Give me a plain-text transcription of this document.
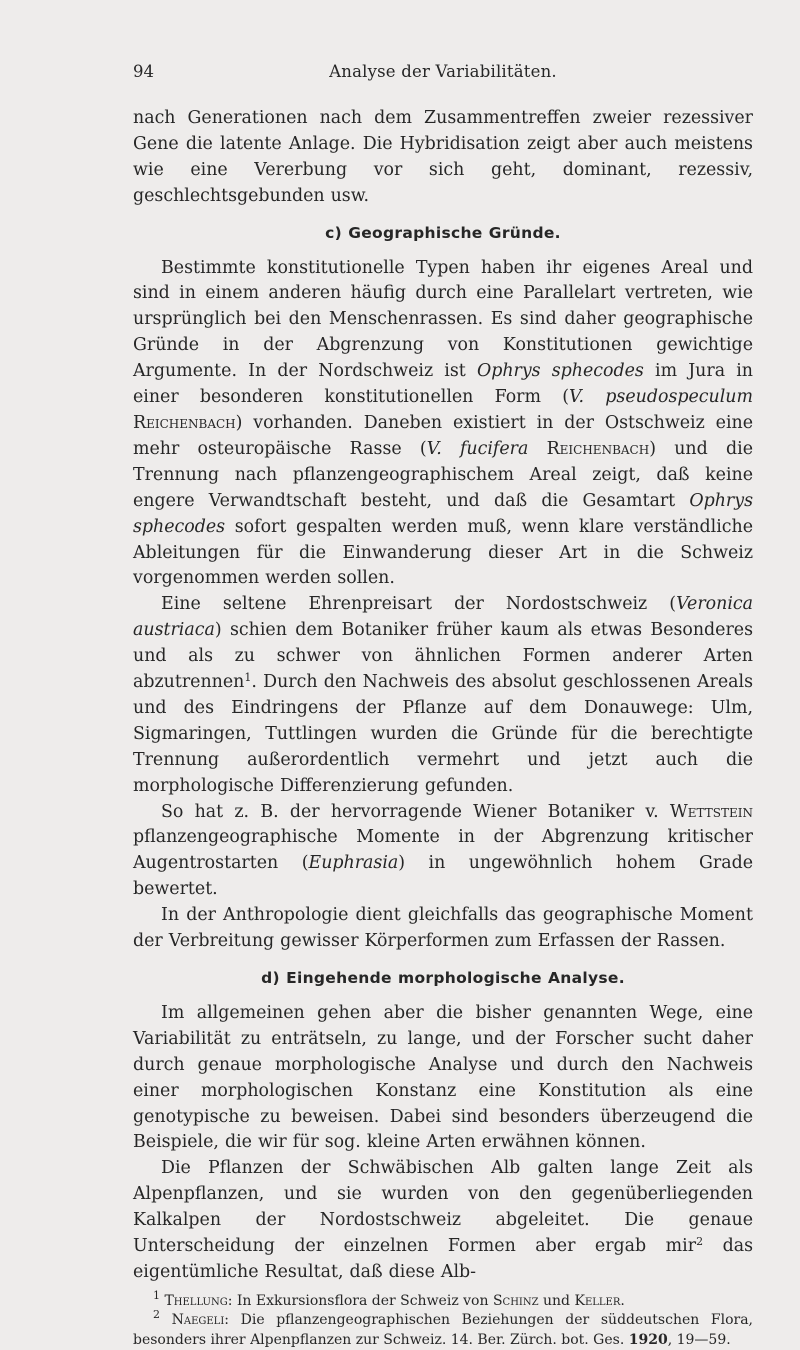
94	Analyse der Variabilitäten.

nach Generationen nach dem Zusammentreffen zweier rezessiver Gene die latente Anlage. Die Hybridisation zeigt aber auch meistens wie eine Vererbung vor sich geht, dominant, rezessiv, geschlechtsgebunden usw.

c) Geographische Gründe.

Bestimmte konstitutionelle Typen haben ihr eigenes Areal und sind in einem anderen häufig durch eine Parallelart vertreten, wie ursprünglich bei den Menschenrassen. Es sind daher geographische Gründe in der Abgrenzung von Konstitutionen gewichtige Argumente. In der Nordschweiz ist Ophrys sphecodes im Jura in einer besonderen konstitutionellen Form (V. pseudospeculum Reichenbach) vorhanden. Daneben existiert in der Ostschweiz eine mehr osteuropäische Rasse (V. fucifera Reichenbach) und die Trennung nach pflanzengeographischem Areal zeigt, daß keine engere Verwandtschaft besteht, und daß die Gesamtart Ophrys sphecodes sofort gespalten werden muß, wenn klare verständliche Ableitungen für die Einwanderung dieser Art in die Schweiz vorgenommen werden sollen.

Eine seltene Ehrenpreisart der Nordostschweiz (Veronica austriaca) schien dem Botaniker früher kaum als etwas Besonderes und als zu schwer von ähnlichen Formen anderer Arten abzutrennen$^1$. Durch den Nachweis des absolut geschlossenen Areals und des Eindringens der Pflanze auf dem Donauwege: Ulm, Sigmaringen, Tuttlingen wurden die Gründe für die berechtigte Trennung außerordentlich vermehrt und jetzt auch die morphologische Differenzierung gefunden.

So hat z. B. der hervorragende Wiener Botaniker v. Wettstein pflanzengeographische Momente in der Abgrenzung kritischer Augentrostarten (Euphrasia) in ungewöhnlich hohem Grade bewertet.

In der Anthropologie dient gleichfalls das geographische Moment der Verbreitung gewisser Körperformen zum Erfassen der Rassen.

d) Eingehende morphologische Analyse.

Im allgemeinen gehen aber die bisher genannten Wege, eine Variabilität zu enträtseln, zu lange, und der Forscher sucht daher durch genaue morphologische Analyse und durch den Nachweis einer morphologischen Konstanz eine Konstitution als eine genotypische zu beweisen. Dabei sind besonders überzeugend die Beispiele, die wir für sog. kleine Arten erwähnen können.

Die Pflanzen der Schwäbischen Alb galten lange Zeit als Alpenpflanzen, und sie wurden von den gegenüberliegenden Kalkalpen der Nordostschweiz abgeleitet. Die genaue Unterscheidung der einzelnen Formen aber ergab mir$^2$ das eigentümliche Resultat, daß diese Alb-

$^1$ Thellung: In Exkursionsflora der Schweiz von Schinz und Keller.

$^2$ Naegeli: Die pflanzengeographischen Beziehungen der süddeutschen Flora, besonders ihrer Alpenpflanzen zur Schweiz. 14. Ber. Zürch. bot. Ges. 1920, 19—59.
